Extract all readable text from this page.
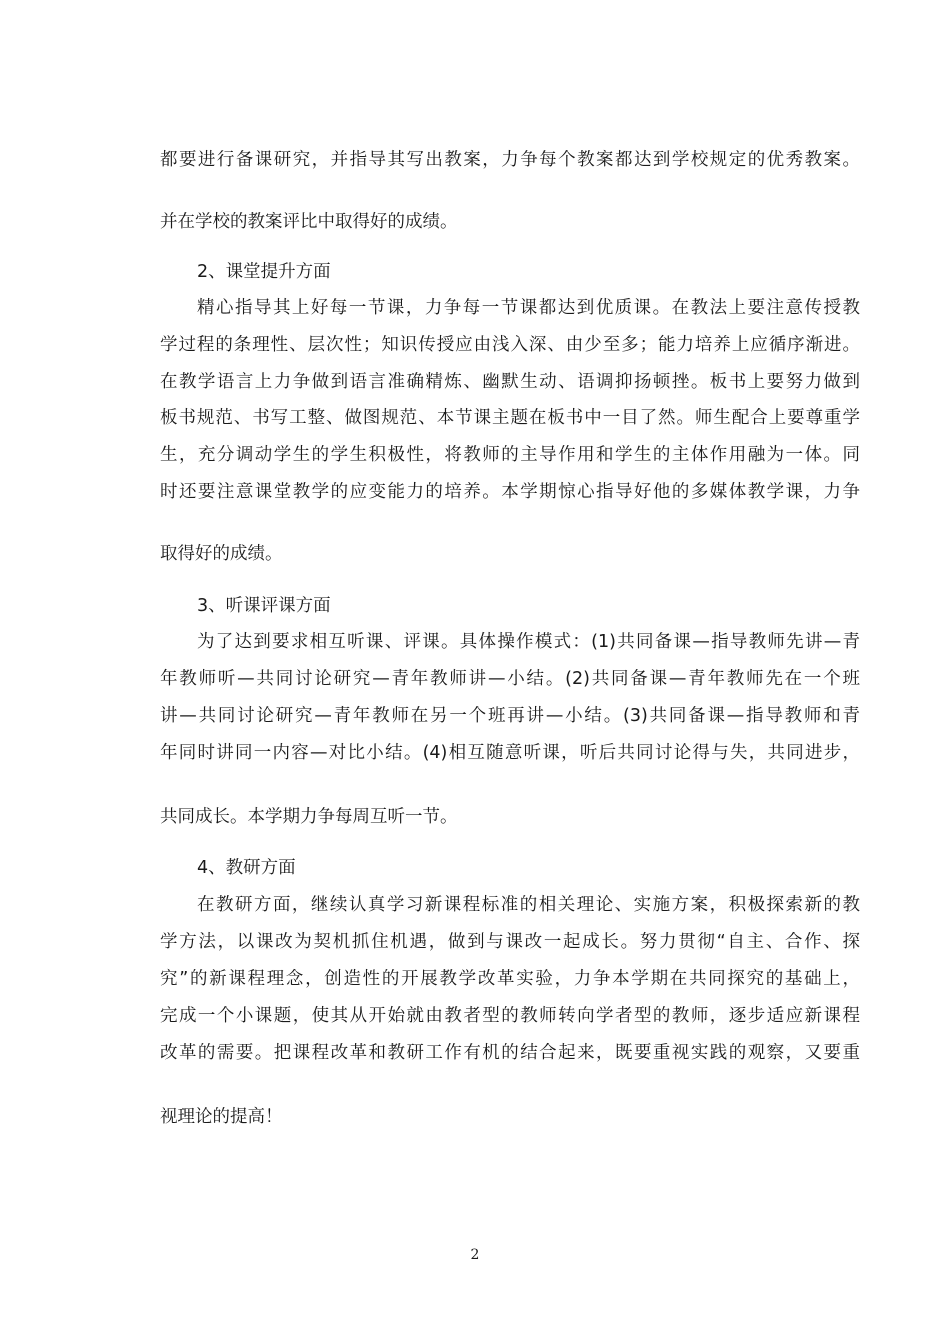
都要进行备课研究，并指导其写出教案，力争每个教案都达到学校规定的优秀教案。
并在学校的教案评比中取得好的成绩。
2、课堂提升方面
精心指导其上好每一节课，力争每一节课都达到优质课。在教法上要注意传授教
学过程的条理性、层次性；知识传授应由浅入深、由少至多；能力培养上应循序渐进。
在教学语言上力争做到语言准确精炼、幽默生动、语调抑扬顿挫。板书上要努力做到
板书规范、书写工整、做图规范、本节课主题在板书中一目了然。师生配合上要尊重学
生，充分调动学生的学生积极性，将教师的主导作用和学生的主体作用融为一体。同
时还要注意课堂教学的应变能力的培养。本学期惊心指导好他的多媒体教学课，力争
取得好的成绩。
3、听课评课方面
为了达到要求相互听课、评课。具体操作模式：(1)共同备课—指导教师先讲—青
年教师听—共同讨论研究—青年教师讲—小结。(2)共同备课—青年教师先在一个班
讲—共同讨论研究—青年教师在另一个班再讲—小结。(3)共同备课—指导教师和青
年同时讲同一内容—对比小结。(4)相互随意听课，听后共同讨论得与失，共同进步，
共同成长。本学期力争每周互听一节。
4、教研方面
在教研方面，继续认真学习新课程标准的相关理论、实施方案，积极探索新的教
学方法，以课改为契机抓住机遇，做到与课改一起成长。努力贯彻“自主、合作、探
究”的新课程理念，创造性的开展教学改革实验，力争本学期在共同探究的基础上，
完成一个小课题，使其从开始就由教者型的教师转向学者型的教师，逐步适应新课程
改革的需要。把课程改革和教研工作有机的结合起来，既要重视实践的观察，又要重
视理论的提高！
2
